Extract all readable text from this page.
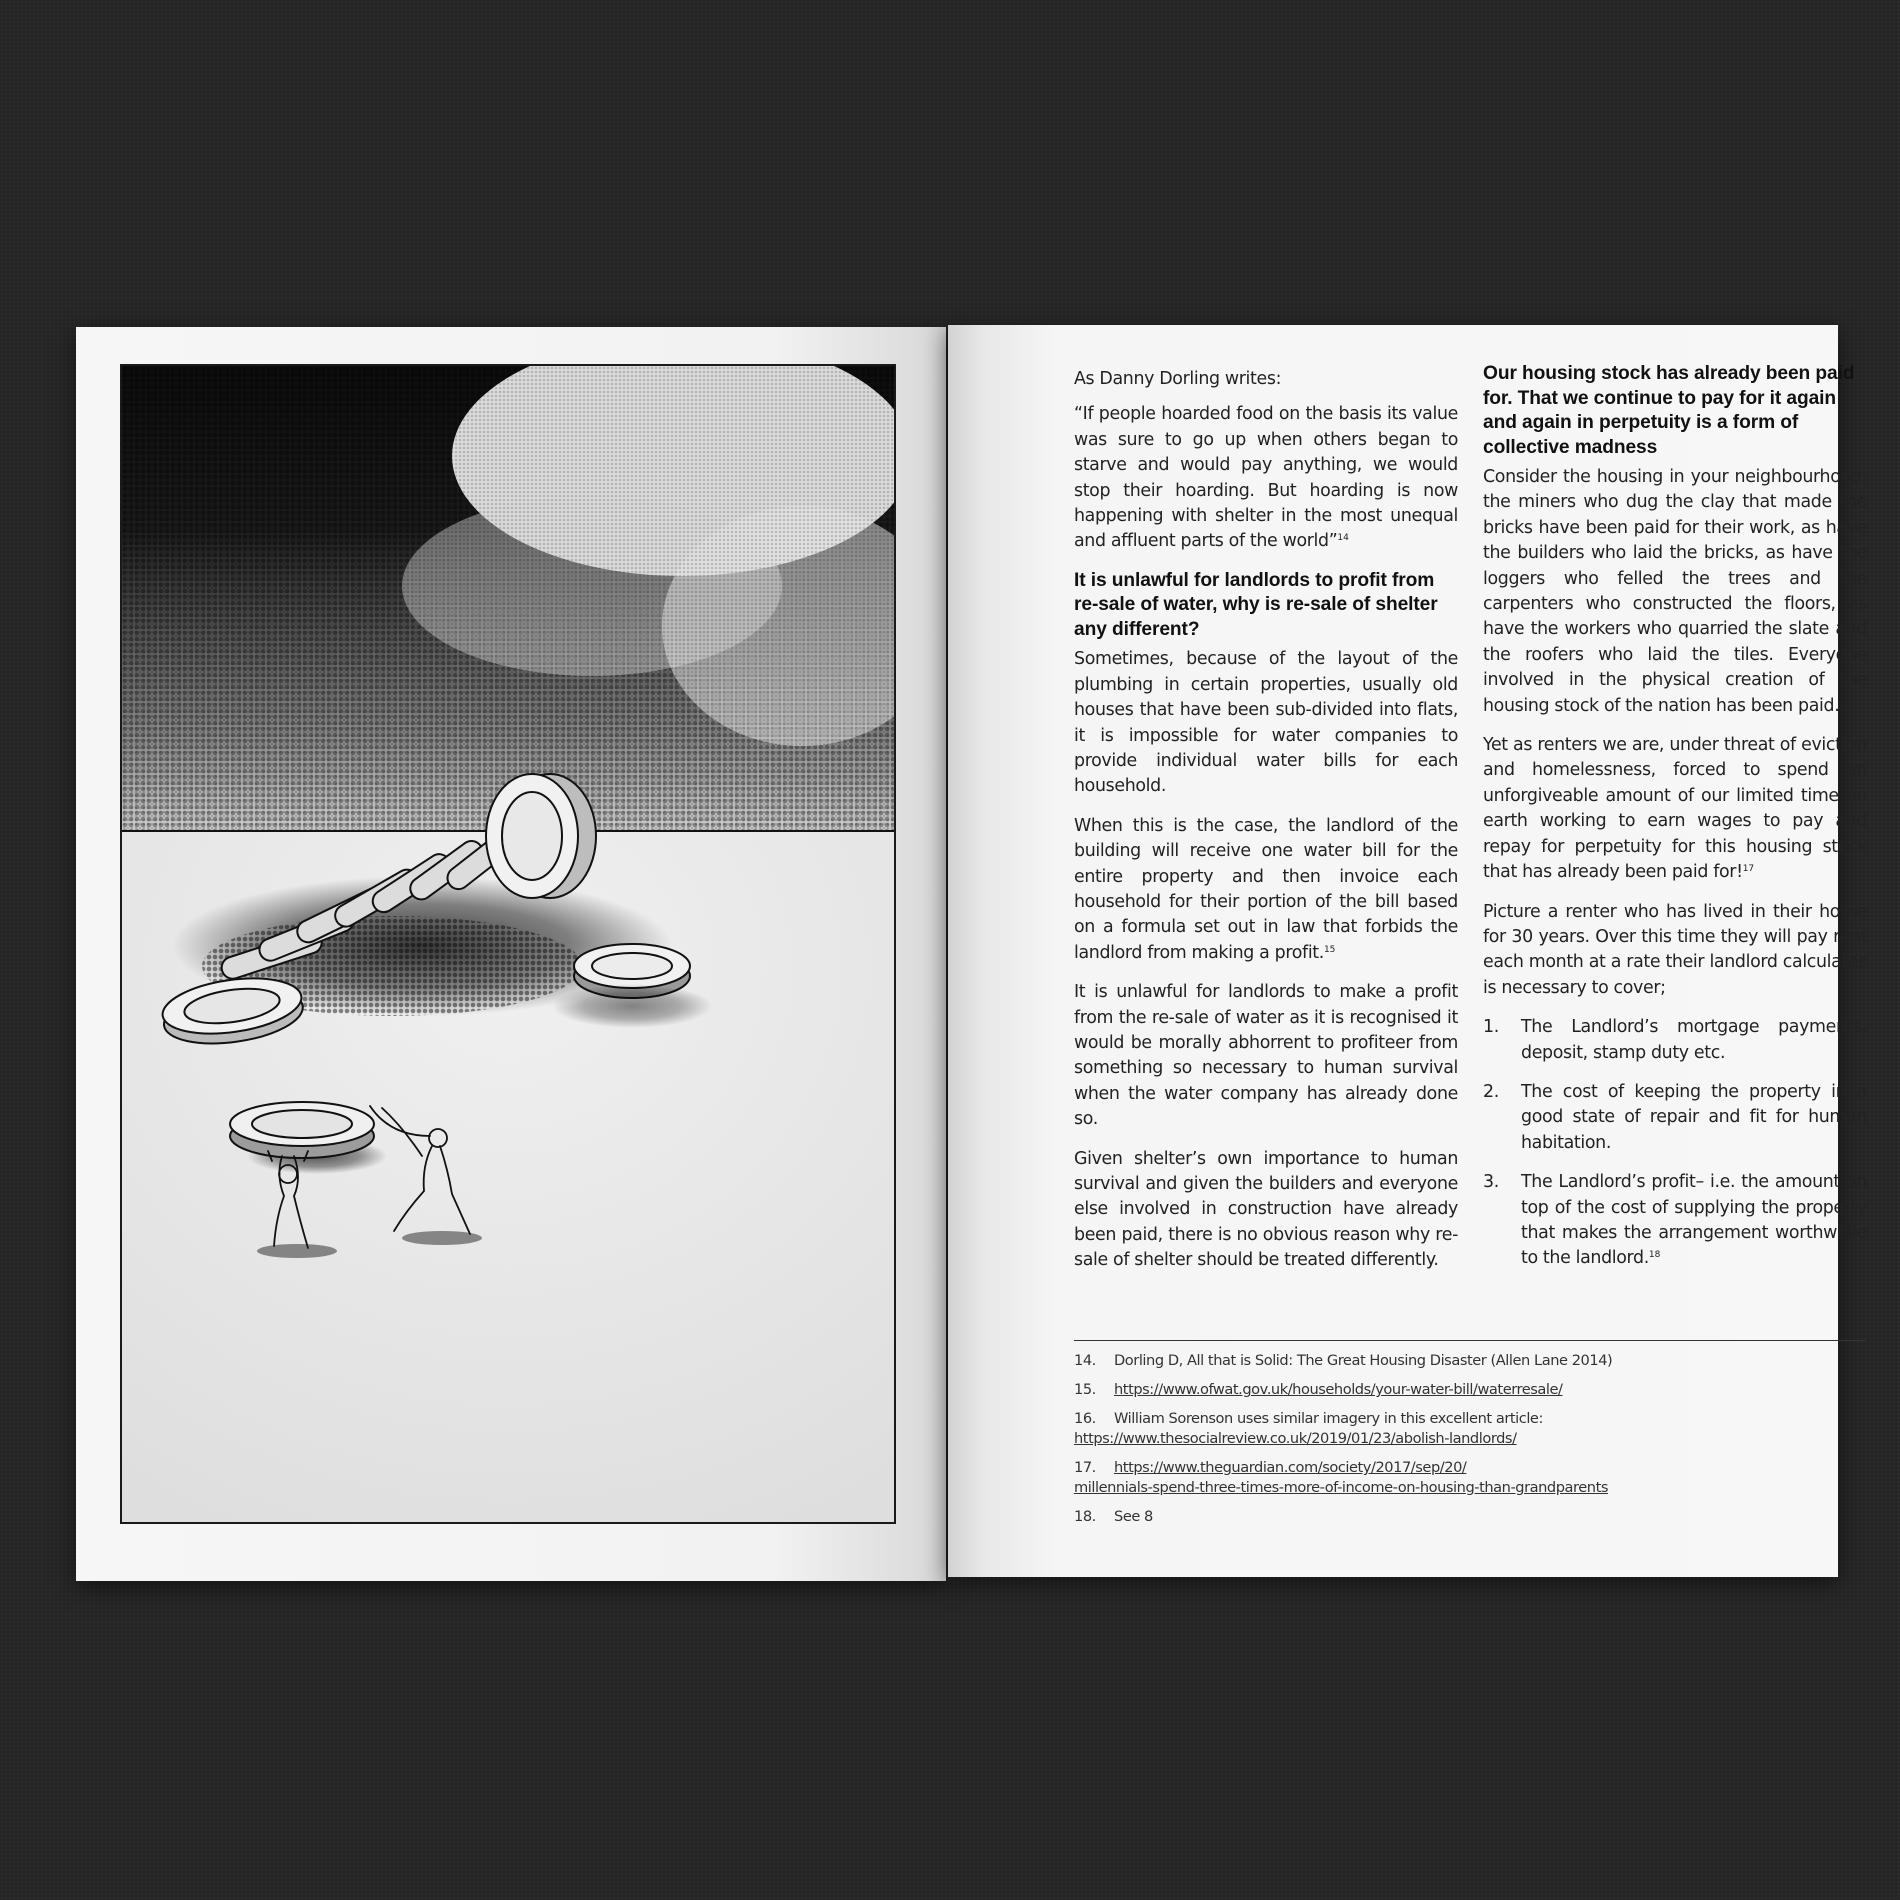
As Danny Dorling writes:

“If people hoarded food on the basis its value was sure to go up when others began to starve and would pay anything, we would stop their hoarding. But hoarding is now happening with shelter in the most unequal and affluent parts of the world”$^{14}$

It is unlawful for landlords to profit from re-sale of water, why is re-sale of shelter any different?

Sometimes, because of the layout of the plumbing in certain properties, usually old houses that have been sub-divided into flats, it is impossible for water companies to provide individual water bills for each household.

When this is the case, the landlord of the building will receive one water bill for the entire property and then invoice each household for their portion of the bill based on a formula set out in law that forbids the landlord from making a profit.$^{15}$

It is unlawful for landlords to make a profit from the re-sale of water as it is recognised it would be morally abhorrent to profiteer from something so necessary to human survival when the water company has already done so.

Given shelter’s own importance to human survival and given the builders and everyone else involved in construction have already been paid, there is no obvious reason why re-sale of shelter should be treated differently.

Our housing stock has already been paid for. That we continue to pay for it again and again in perpetuity is a form of collective madness

Consider the housing in your neighbourhood; the miners who dug the clay that made the bricks have been paid for their work, as have the builders who laid the bricks, as have the loggers who felled the trees and the carpenters who constructed the floors, as have the workers who quarried the slate and the roofers who laid the tiles. Everyone involved in the physical creation of the housing stock of the nation has been paid.$^{16}$

Yet as renters we are, under threat of eviction and homelessness, forced to spend an unforgiveable amount of our limited time on earth working to earn wages to pay and repay for perpetuity for this housing stock that has already been paid for!$^{17}$

Picture a renter who has lived in their home for 30 years. Over this time they will pay rent each month at a rate their landlord calculates is necessary to cover;

1. The Landlord’s mortgage payments, deposit, stamp duty etc.
2. The cost of keeping the property in a good state of repair and fit for human habitation.
3. The Landlord’s profit– i.e. the amount on top of the cost of supplying the property that makes the arrangement worthwhile to the landlord.$^{18}$
14. Dorling D, All that is Solid: The Great Housing Disaster (Allen Lane 2014)
15. https://www.ofwat.gov.uk/households/your-water-bill/waterresale/
16. William Sorenson uses similar imagery in this excellent article:
https://www.thesocialreview.co.uk/2019/01/23/abolish-landlords/
17. https://www.theguardian.com/society/2017/sep/20/
millennials-spend-three-times-more-of-income-on-housing-than-grandparents
18. See 8
